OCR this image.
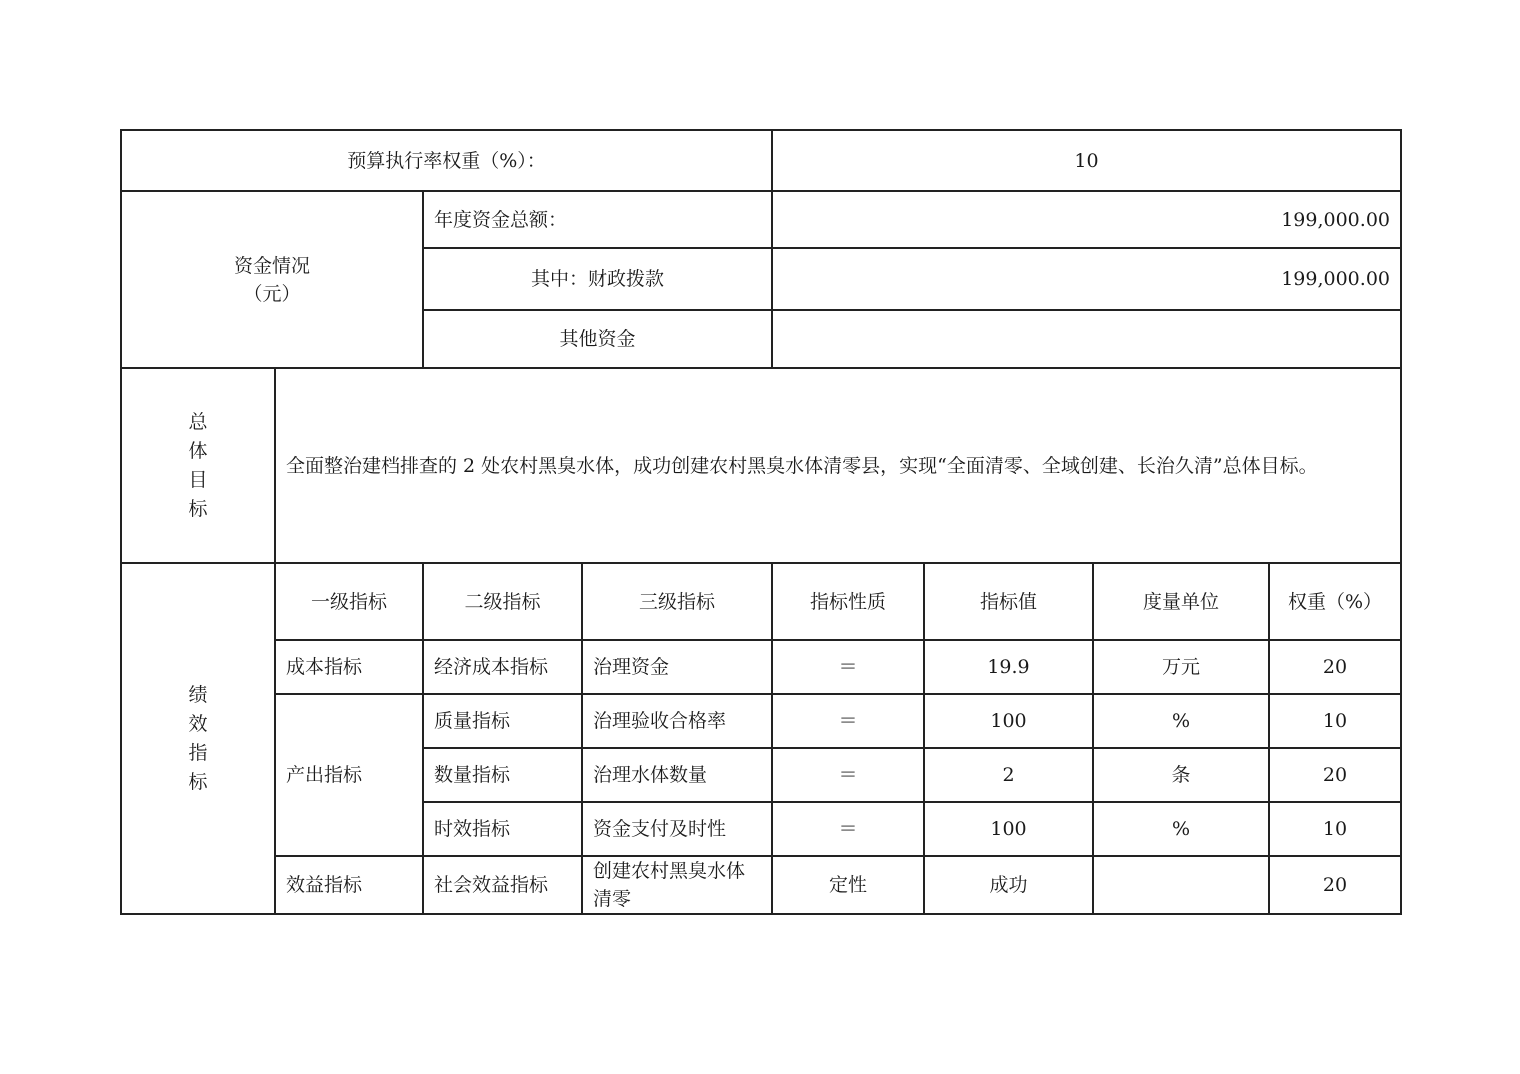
预算执行率权重（%）：				10			

资金情况
（元）		年度资金总额：		199,000.00			
		其中：财政拨款		199,000.00			
		其他资金					

总
体
目
标	全面整治建档排查的 2 处农村黑臭水体，成功创建农村黑臭水体清零县，实现“全面清零、全域创建、长治久清”总体目标。						

绩
效
指
标	一级指标	二级指标	三级指标	指标性质	指标值	度量单位	权重（%）
	成本指标	经济成本指标	治理资金	＝	19.9	万元	20
	产出指标	质量指标	治理验收合格率	＝	100	%	10
		数量指标	治理水体数量	＝	2	条	20
		时效指标	资金支付及时性	＝	100	%	10
	效益指标	社会效益指标	创建农村黑臭水体
清零	定性	成功		20
